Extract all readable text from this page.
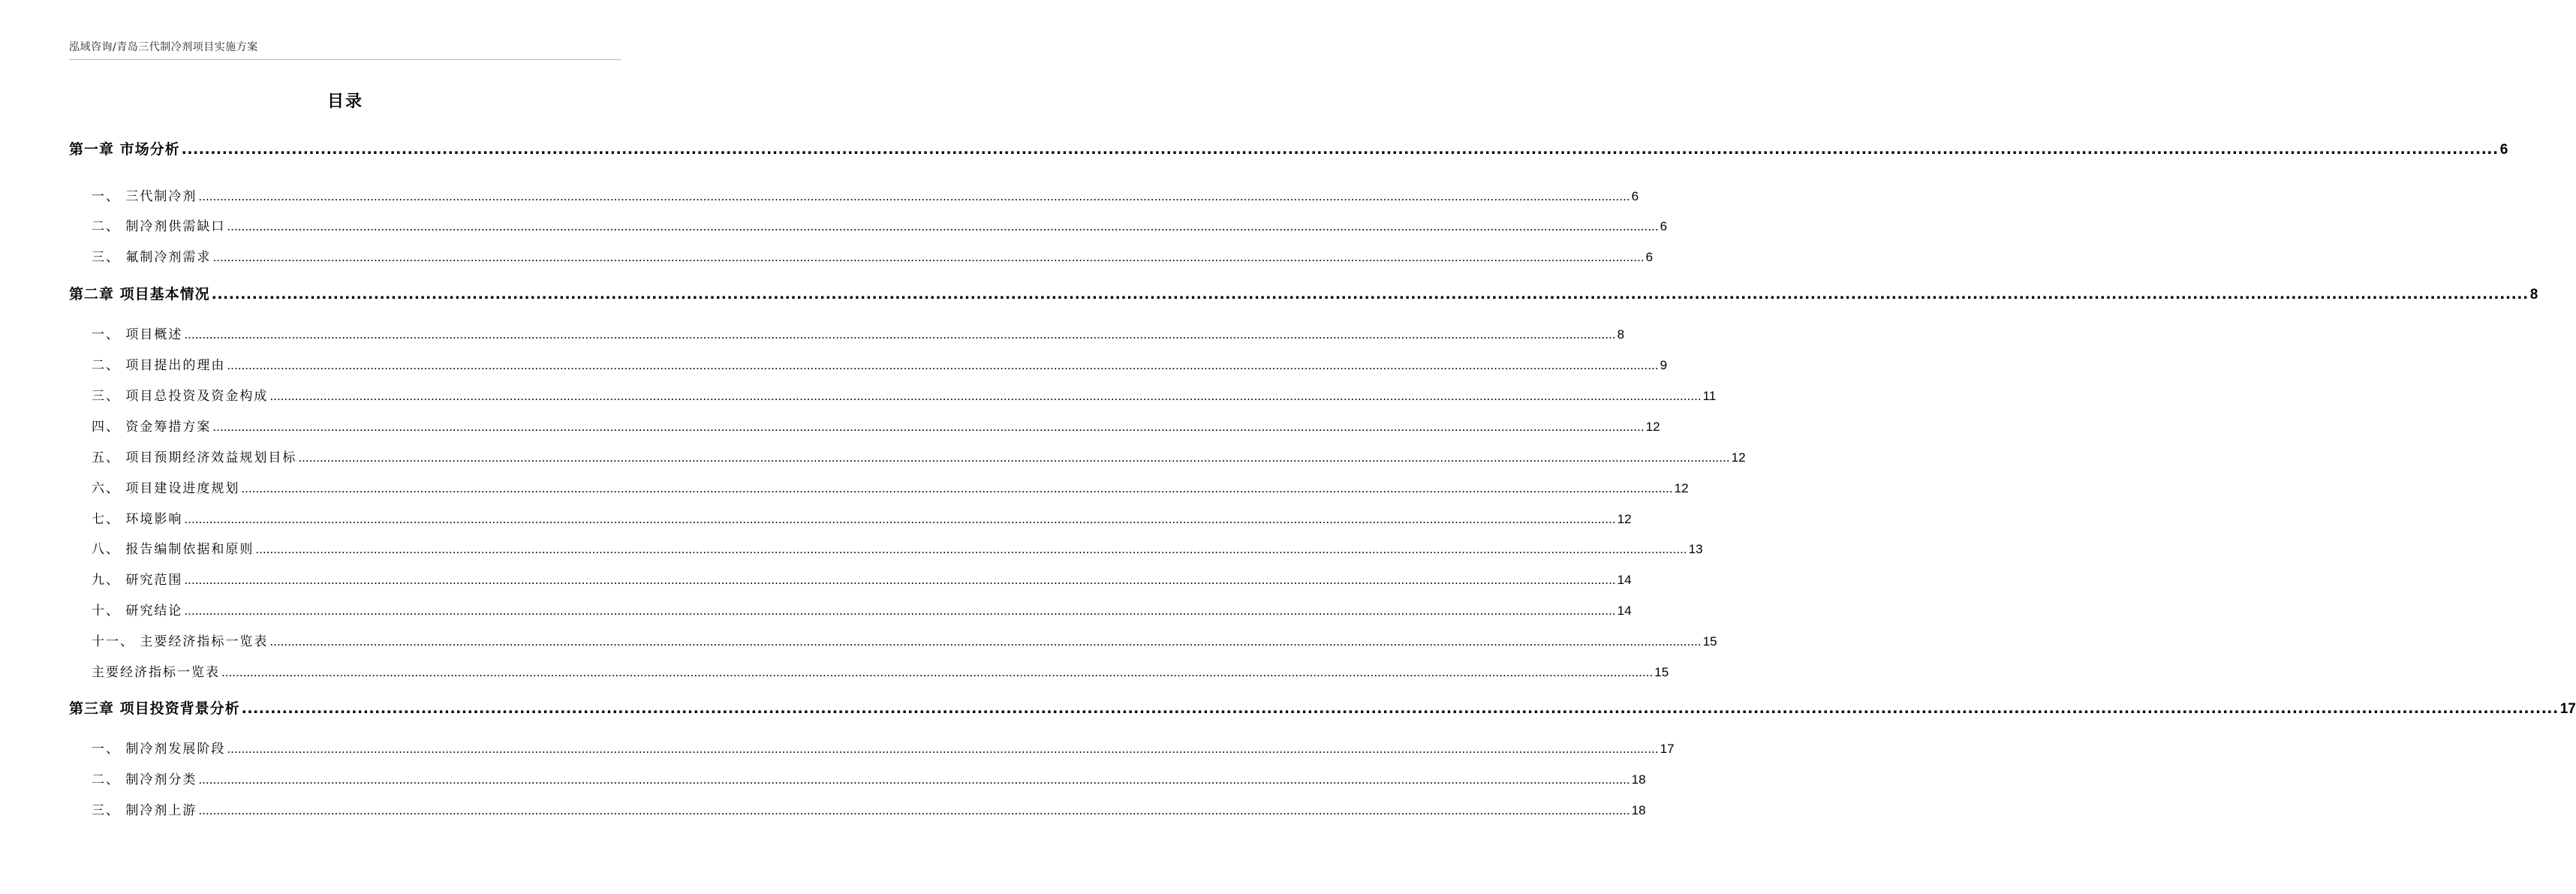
泓域咨询/青岛三代制冷剂项目实施方案
目录
第一章 市场分析 ................................................................................................................................................................................................................................................................................................................................................................................................................ 6
一、 三代制冷剂 ................................................................................................................................................................................................................................................................................................................................................................................................................ 6
二、 制冷剂供需缺口 ................................................................................................................................................................................................................................................................................................................................................................................................................ 6
三、 氟制冷剂需求 ................................................................................................................................................................................................................................................................................................................................................................................................................ 6
第二章 项目基本情况 ................................................................................................................................................................................................................................................................................................................................................................................................................ 8
一、 项目概述 ................................................................................................................................................................................................................................................................................................................................................................................................................ 8
二、 项目提出的理由 ................................................................................................................................................................................................................................................................................................................................................................................................................ 9
三、 项目总投资及资金构成 ................................................................................................................................................................................................................................................................................................................................................................................................................ 11
四、 资金筹措方案 ................................................................................................................................................................................................................................................................................................................................................................................................................ 12
五、 项目预期经济效益规划目标 ................................................................................................................................................................................................................................................................................................................................................................................................................ 12
六、 项目建设进度规划 ................................................................................................................................................................................................................................................................................................................................................................................................................ 12
七、 环境影响 ................................................................................................................................................................................................................................................................................................................................................................................................................ 12
八、 报告编制依据和原则 ................................................................................................................................................................................................................................................................................................................................................................................................................ 13
九、 研究范围 ................................................................................................................................................................................................................................................................................................................................................................................................................ 14
十、 研究结论 ................................................................................................................................................................................................................................................................................................................................................................................................................ 14
十一、 主要经济指标一览表 ................................................................................................................................................................................................................................................................................................................................................................................................................ 15
主要经济指标一览表 ................................................................................................................................................................................................................................................................................................................................................................................................................ 15
第三章 项目投资背景分析 ................................................................................................................................................................................................................................................................................................................................................................................................................ 17
一、 制冷剂发展阶段 ................................................................................................................................................................................................................................................................................................................................................................................................................ 17
二、 制冷剂分类 ................................................................................................................................................................................................................................................................................................................................................................................................................ 18
三、 制冷剂上游 ................................................................................................................................................................................................................................................................................................................................................................................................................ 18
